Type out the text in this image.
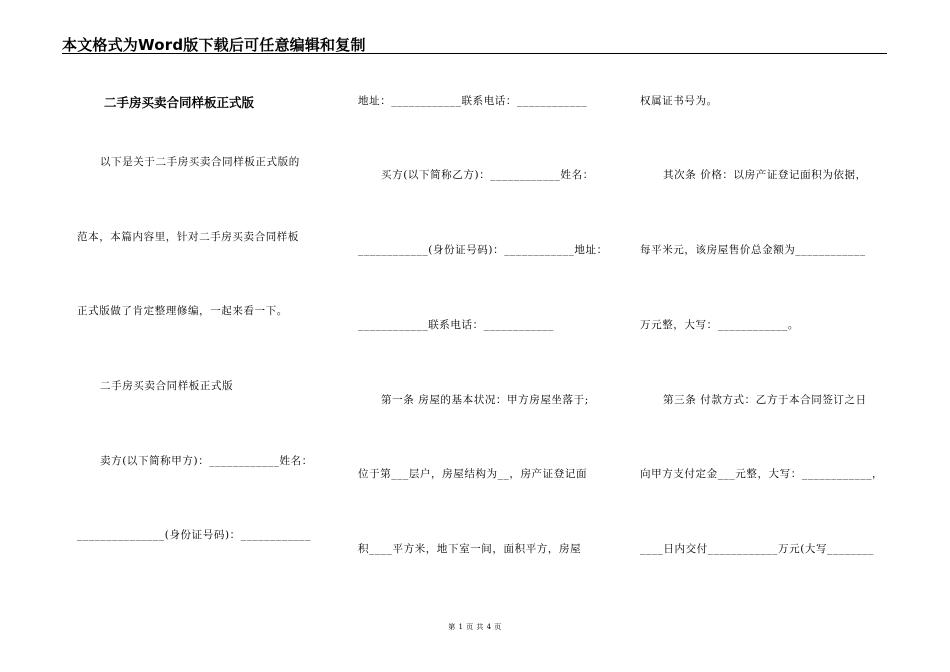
本文格式为Word版下载后可任意编辑和复制
二手房买卖合同样板正式版
以下是关于二手房买卖合同样板正式版的
范本，本篇内容里，针对二手房买卖合同样板
正式版做了肯定整理修编，一起来看一下。
二手房买卖合同样板正式版
卖方(以下简称甲方)：____________姓名：
_______________(身份证号码)：____________
地址：____________联系电话：____________
买方(以下简称乙方)：____________姓名：
____________(身份证号码)：____________地址：
____________联系电话：____________
第一条 房屋的基本状况：甲方房屋坐落于;
位于第___层户，房屋结构为__，房产证登记面
积____平方米，地下室一间，面积平方，房屋
权属证书号为。
其次条 价格：以房产证登记面积为依据，
每平米元，该房屋售价总金额为____________
万元整，大写：____________。
第三条 付款方式：乙方于本合同签订之日
向甲方支付定金___元整，大写：____________，
____日内交付____________万元(大写________
第 1 页 共 4 页
